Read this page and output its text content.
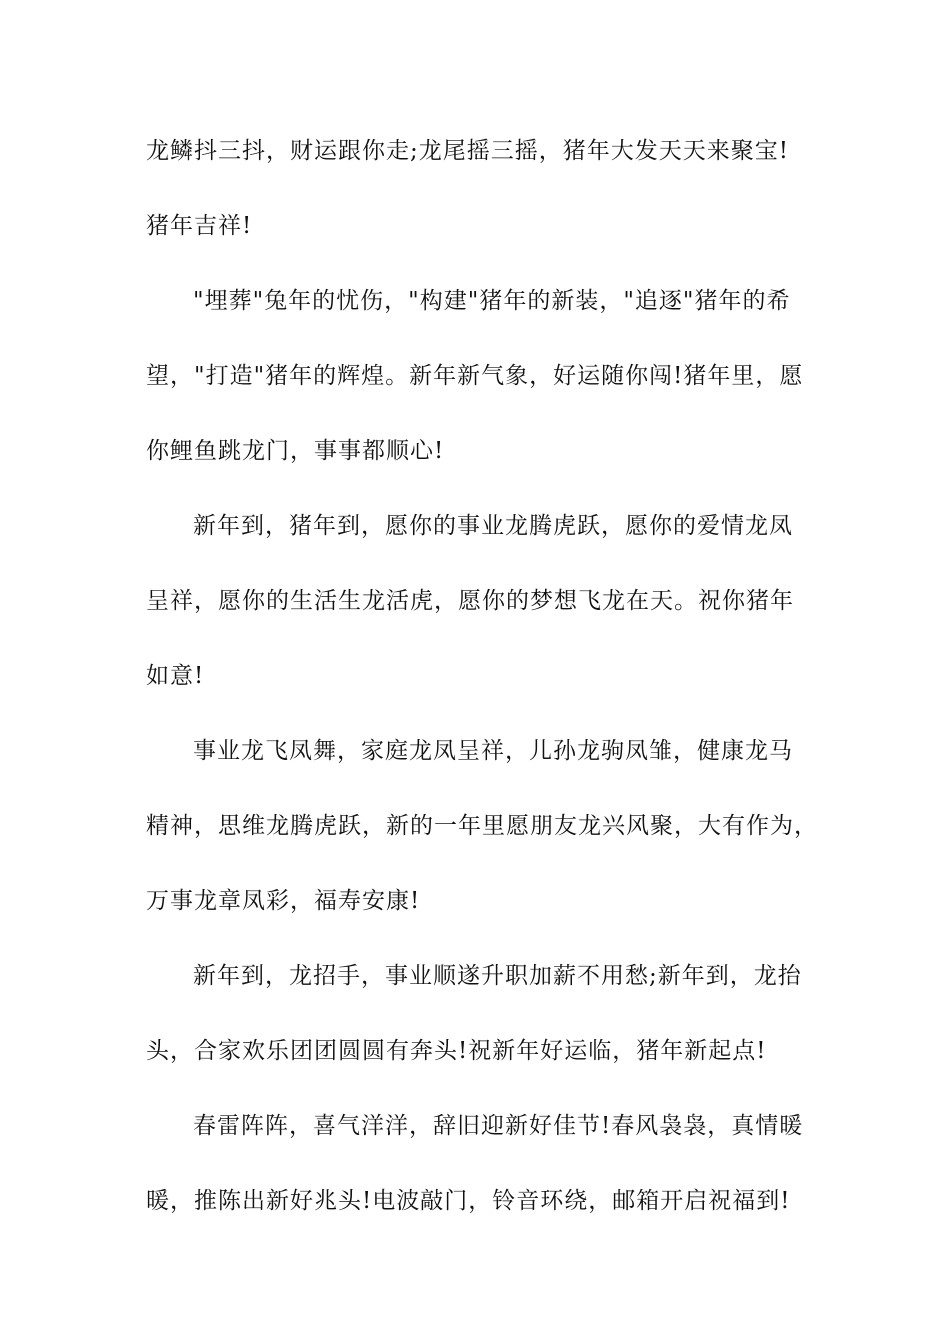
龙鳞抖三抖，财运跟你走;龙尾摇三摇，猪年大发天天来聚宝!
猪年吉祥!
"埋葬"兔年的忧伤，"构建"猪年的新装，"追逐"猪年的希
望，"打造"猪年的辉煌。新年新气象，好运随你闯!猪年里，愿
你鲤鱼跳龙门，事事都顺心!
新年到，猪年到，愿你的事业龙腾虎跃，愿你的爱情龙凤
呈祥，愿你的生活生龙活虎，愿你的梦想飞龙在天。祝你猪年
如意!
事业龙飞凤舞，家庭龙凤呈祥，儿孙龙驹凤雏，健康龙马
精神，思维龙腾虎跃，新的一年里愿朋友龙兴风聚，大有作为，
万事龙章凤彩，福寿安康!
新年到，龙招手，事业顺遂升职加薪不用愁;新年到，龙抬
头，合家欢乐团团圆圆有奔头!祝新年好运临，猪年新起点!
春雷阵阵，喜气洋洋，辞旧迎新好佳节!春风袅袅，真情暖
暖，推陈出新好兆头!电波敲门，铃音环绕，邮箱开启祝福到!
